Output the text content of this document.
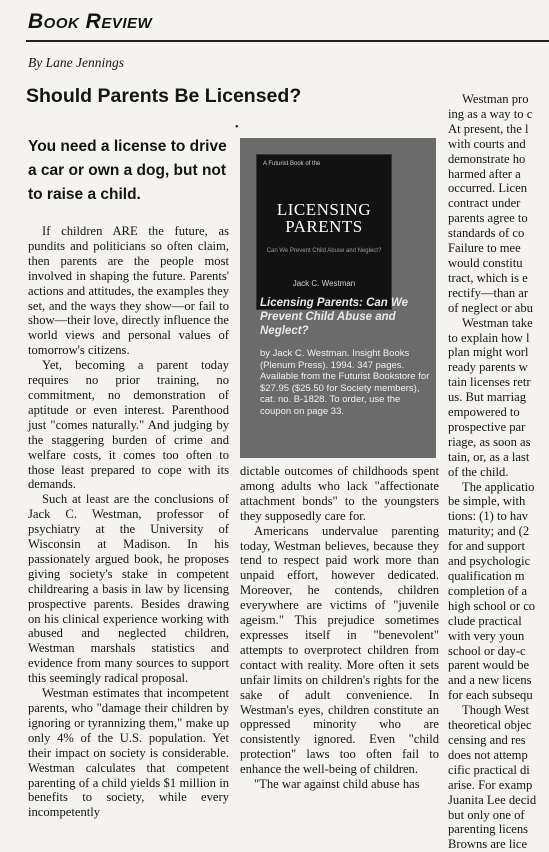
Book Review
By Lane Jennings
Should Parents Be Licensed?
You need a license to drive a car or own a dog, but not to raise a child.
•

If children ARE the future, as pundits and politicians so often claim, then parents are the people most involved in shaping the future. Parents' actions and attitudes, the examples they set, and the ways they show—or fail to show—their love, directly influence the world views and personal values of tomorrow's citizens.

Yet, becoming a parent today requires no prior training, no commitment, no demonstration of aptitude or even interest. Parenthood just "comes naturally." And judging by the staggering burden of crime and welfare costs, it comes too often to those least prepared to cope with its demands.

Such at least are the conclusions of Jack C. Westman, professor of psychiatry at the University of Wisconsin at Madison. In his passionately argued book, he proposes giving society's stake in competent childrearing a basis in law by licensing prospective parents. Besides drawing on his clinical experience working with abused and neglected children, Westman marshals statistics and evidence from many sources to support this seemingly radical proposal.

Westman estimates that incompetent parents, who "damage their children by ignoring or tyrannizing them," make up only 4% of the U.S. population. Yet their impact on society is considerable. Westman calculates that competent parenting of a child yields $1 million in benefits to society, while every incompetently

A Futurist Book of the
LICENSING
PARENTS
Can We Prevent Child Abuse and Neglect?
Jack C. Westman
Licensing Parents: Can We Prevent Child Abuse and Neglect?
by Jack C. Westman. Insight Books (Plenum Press). 1994. 347 pages. Available from the Futurist Bookstore for $27.95 ($25.50 for Society members), cat. no. B-1828. To order, use the coupon on page 33.

dictable outcomes of childhoods spent among adults who lack "affectionate attachment bonds" to the youngsters they supposedly care for.

Americans undervalue parenting today, Westman believes, because they tend to respect paid work more than unpaid effort, however dedicated. Moreover, he contends, children everywhere are victims of "juvenile ageism." This prejudice sometimes expresses itself in "benevolent" attempts to overprotect children from contact with reality. More often it sets unfair limits on children's rights for the sake of adult convenience. In Westman's eyes, children constitute an oppressed minority who are consistently ignored. Even "child protection" laws too often fail to enhance the well-being of children.

"The war against child abuse has

Westman pro
ing as a way to c
At present, the l
with courts and
demonstrate ho
harmed after a
occurred. Licen
contract under
parents agree to
standards of co
Failure to mee
would constitu
tract, which is e
rectify—than ar
of neglect or abu

Westman take
to explain how l
plan might worl
ready parents w
tain licenses retr
us. But marriag
empowered to
prospective par
riage, as soon as
tain, or, as a last
of the child.

The applicatio
be simple, with
tions: (1) to hav
maturity; and (2
for and support
and psychologic
qualification m
completion of a
high school or co
clude practical
with very youn
school or day-c
parent would be
and a new licens
for each subsequ

Though West
theoretical objec
censing and res
does not attemp
cific practical di
arise. For examp
Juanita Lee decid
but only one of
parenting licens
Browns are lice
